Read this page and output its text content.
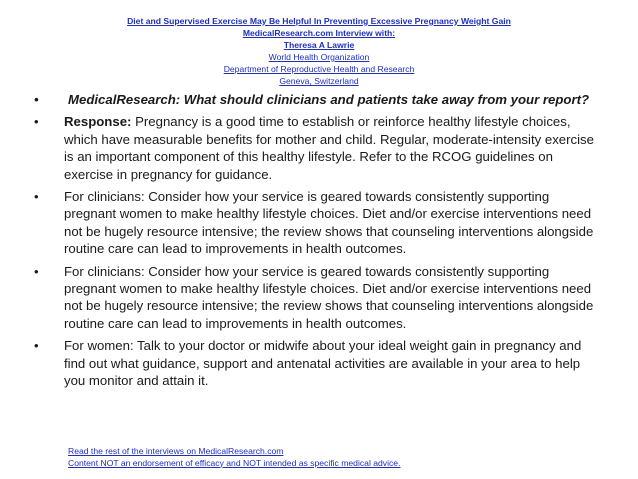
Diet and Supervised Exercise May Be Helpful In Preventing Excessive Pregnancy Weight Gain
MedicalResearch.com Interview with:
Theresa A Lawrie
World Health Organization
Department of Reproductive Health and Research
Geneva, Switzerland
•	MedicalResearch: What should clinicians and patients take away from your report?
•	Response: Pregnancy is a good time to establish or reinforce healthy lifestyle choices, which have measurable benefits for mother and child. Regular, moderate-intensity exercise is an important component of this healthy lifestyle. Refer to the RCOG guidelines on exercise in pregnancy for guidance.
•	For clinicians: Consider how your service is geared towards consistently supporting pregnant women to make healthy lifestyle choices. Diet and/or exercise interventions need not be hugely resource intensive; the review shows that counseling interventions alongside routine care can lead to improvements in health outcomes.
•	For clinicians: Consider how your service is geared towards consistently supporting pregnant women to make healthy lifestyle choices. Diet and/or exercise interventions need not be hugely resource intensive; the review shows that counseling interventions alongside routine care can lead to improvements in health outcomes.
•	For women: Talk to your doctor or midwife about your ideal weight gain in pregnancy and find out what guidance, support and antenatal activities are available in your area to help you monitor and attain it.
Read the rest of the interviews on MedicalResearch.com
Content NOT an endorsement of efficacy and NOT intended as specific medical advice.
